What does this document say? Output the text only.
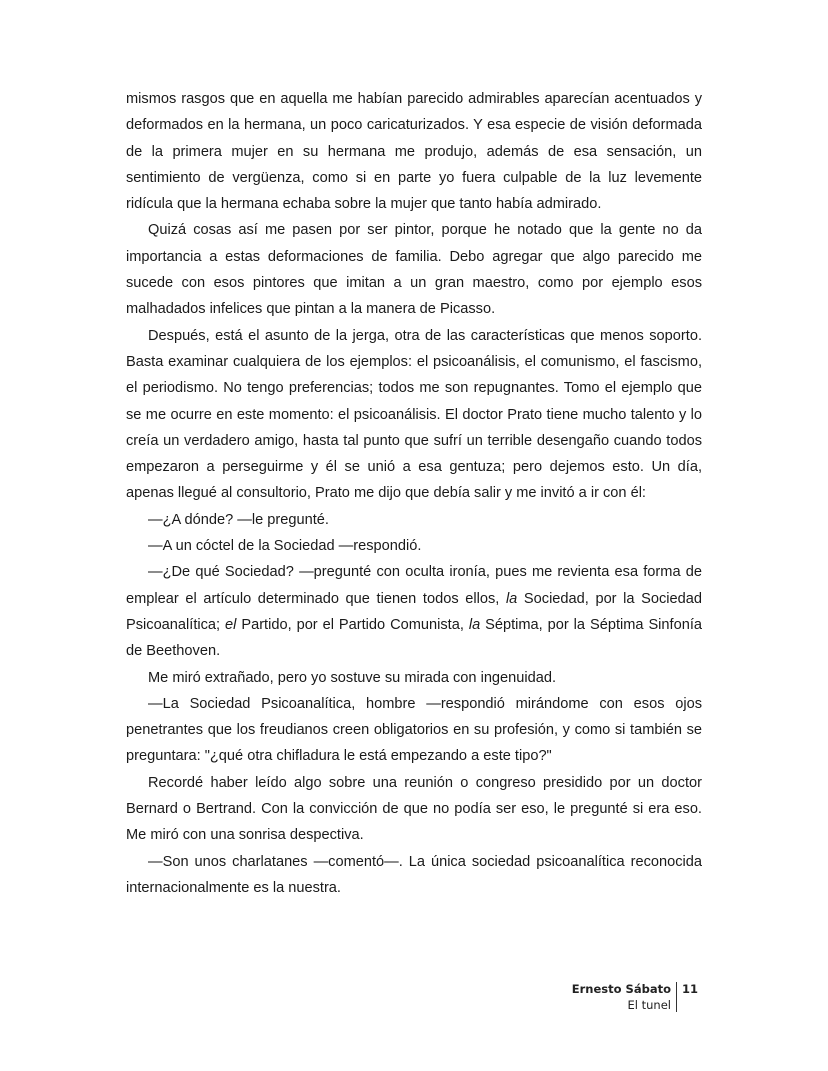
mismos rasgos que en aquella me habían parecido admirables aparecían acentuados y deformados en la hermana, un poco caricaturizados. Y esa especie de visión deformada de la primera mujer en su hermana me produjo, además de esa sensación, un sentimiento de vergüenza, como si en parte yo fuera culpable de la luz levemente ridícula que la hermana echaba sobre la mujer que tanto había admirado.

Quizá cosas así me pasen por ser pintor, porque he notado que la gente no da importancia a estas deformaciones de familia. Debo agregar que algo parecido me sucede con esos pintores que imitan a un gran maestro, como por ejemplo esos malhadados infelices que pintan a la manera de Picasso.

Después, está el asunto de la jerga, otra de las características que menos soporto. Basta examinar cualquiera de los ejemplos: el psicoanálisis, el comunismo, el fascismo, el periodismo. No tengo preferencias; todos me son repugnantes. Tomo el ejemplo que se me ocurre en este momento: el psicoanálisis. El doctor Prato tiene mucho talento y lo creía un verdadero amigo, hasta tal punto que sufrí un terrible desengaño cuando todos empezaron a perseguirme y él se unió a esa gentuza; pero dejemos esto. Un día, apenas llegué al consultorio, Prato me dijo que debía salir y me invitó a ir con él:

—¿A dónde? —le pregunté.

—A un cóctel de la Sociedad —respondió.

—¿De qué Sociedad? —pregunté con oculta ironía, pues me revienta esa forma de emplear el artículo determinado que tienen todos ellos, la Sociedad, por la Sociedad Psicoanalítica; el Partido, por el Partido Comunista, la Séptima, por la Séptima Sinfonía de Beethoven.

Me miró extrañado, pero yo sostuve su mirada con ingenuidad.

—La Sociedad Psicoanalítica, hombre —respondió mirándome con esos ojos penetrantes que los freudianos creen obligatorios en su profesión, y como si también se preguntara: "¿qué otra chifladura le está empezando a este tipo?"

Recordé haber leído algo sobre una reunión o congreso presidido por un doctor Bernard o Bertrand. Con la convicción de que no podía ser eso, le pregunté si era eso. Me miró con una sonrisa despectiva.

—Son unos charlatanes —comentó—. La única sociedad psicoanalítica reconocida internacionalmente es la nuestra.

Ernesto Sábato
El tunel
11
